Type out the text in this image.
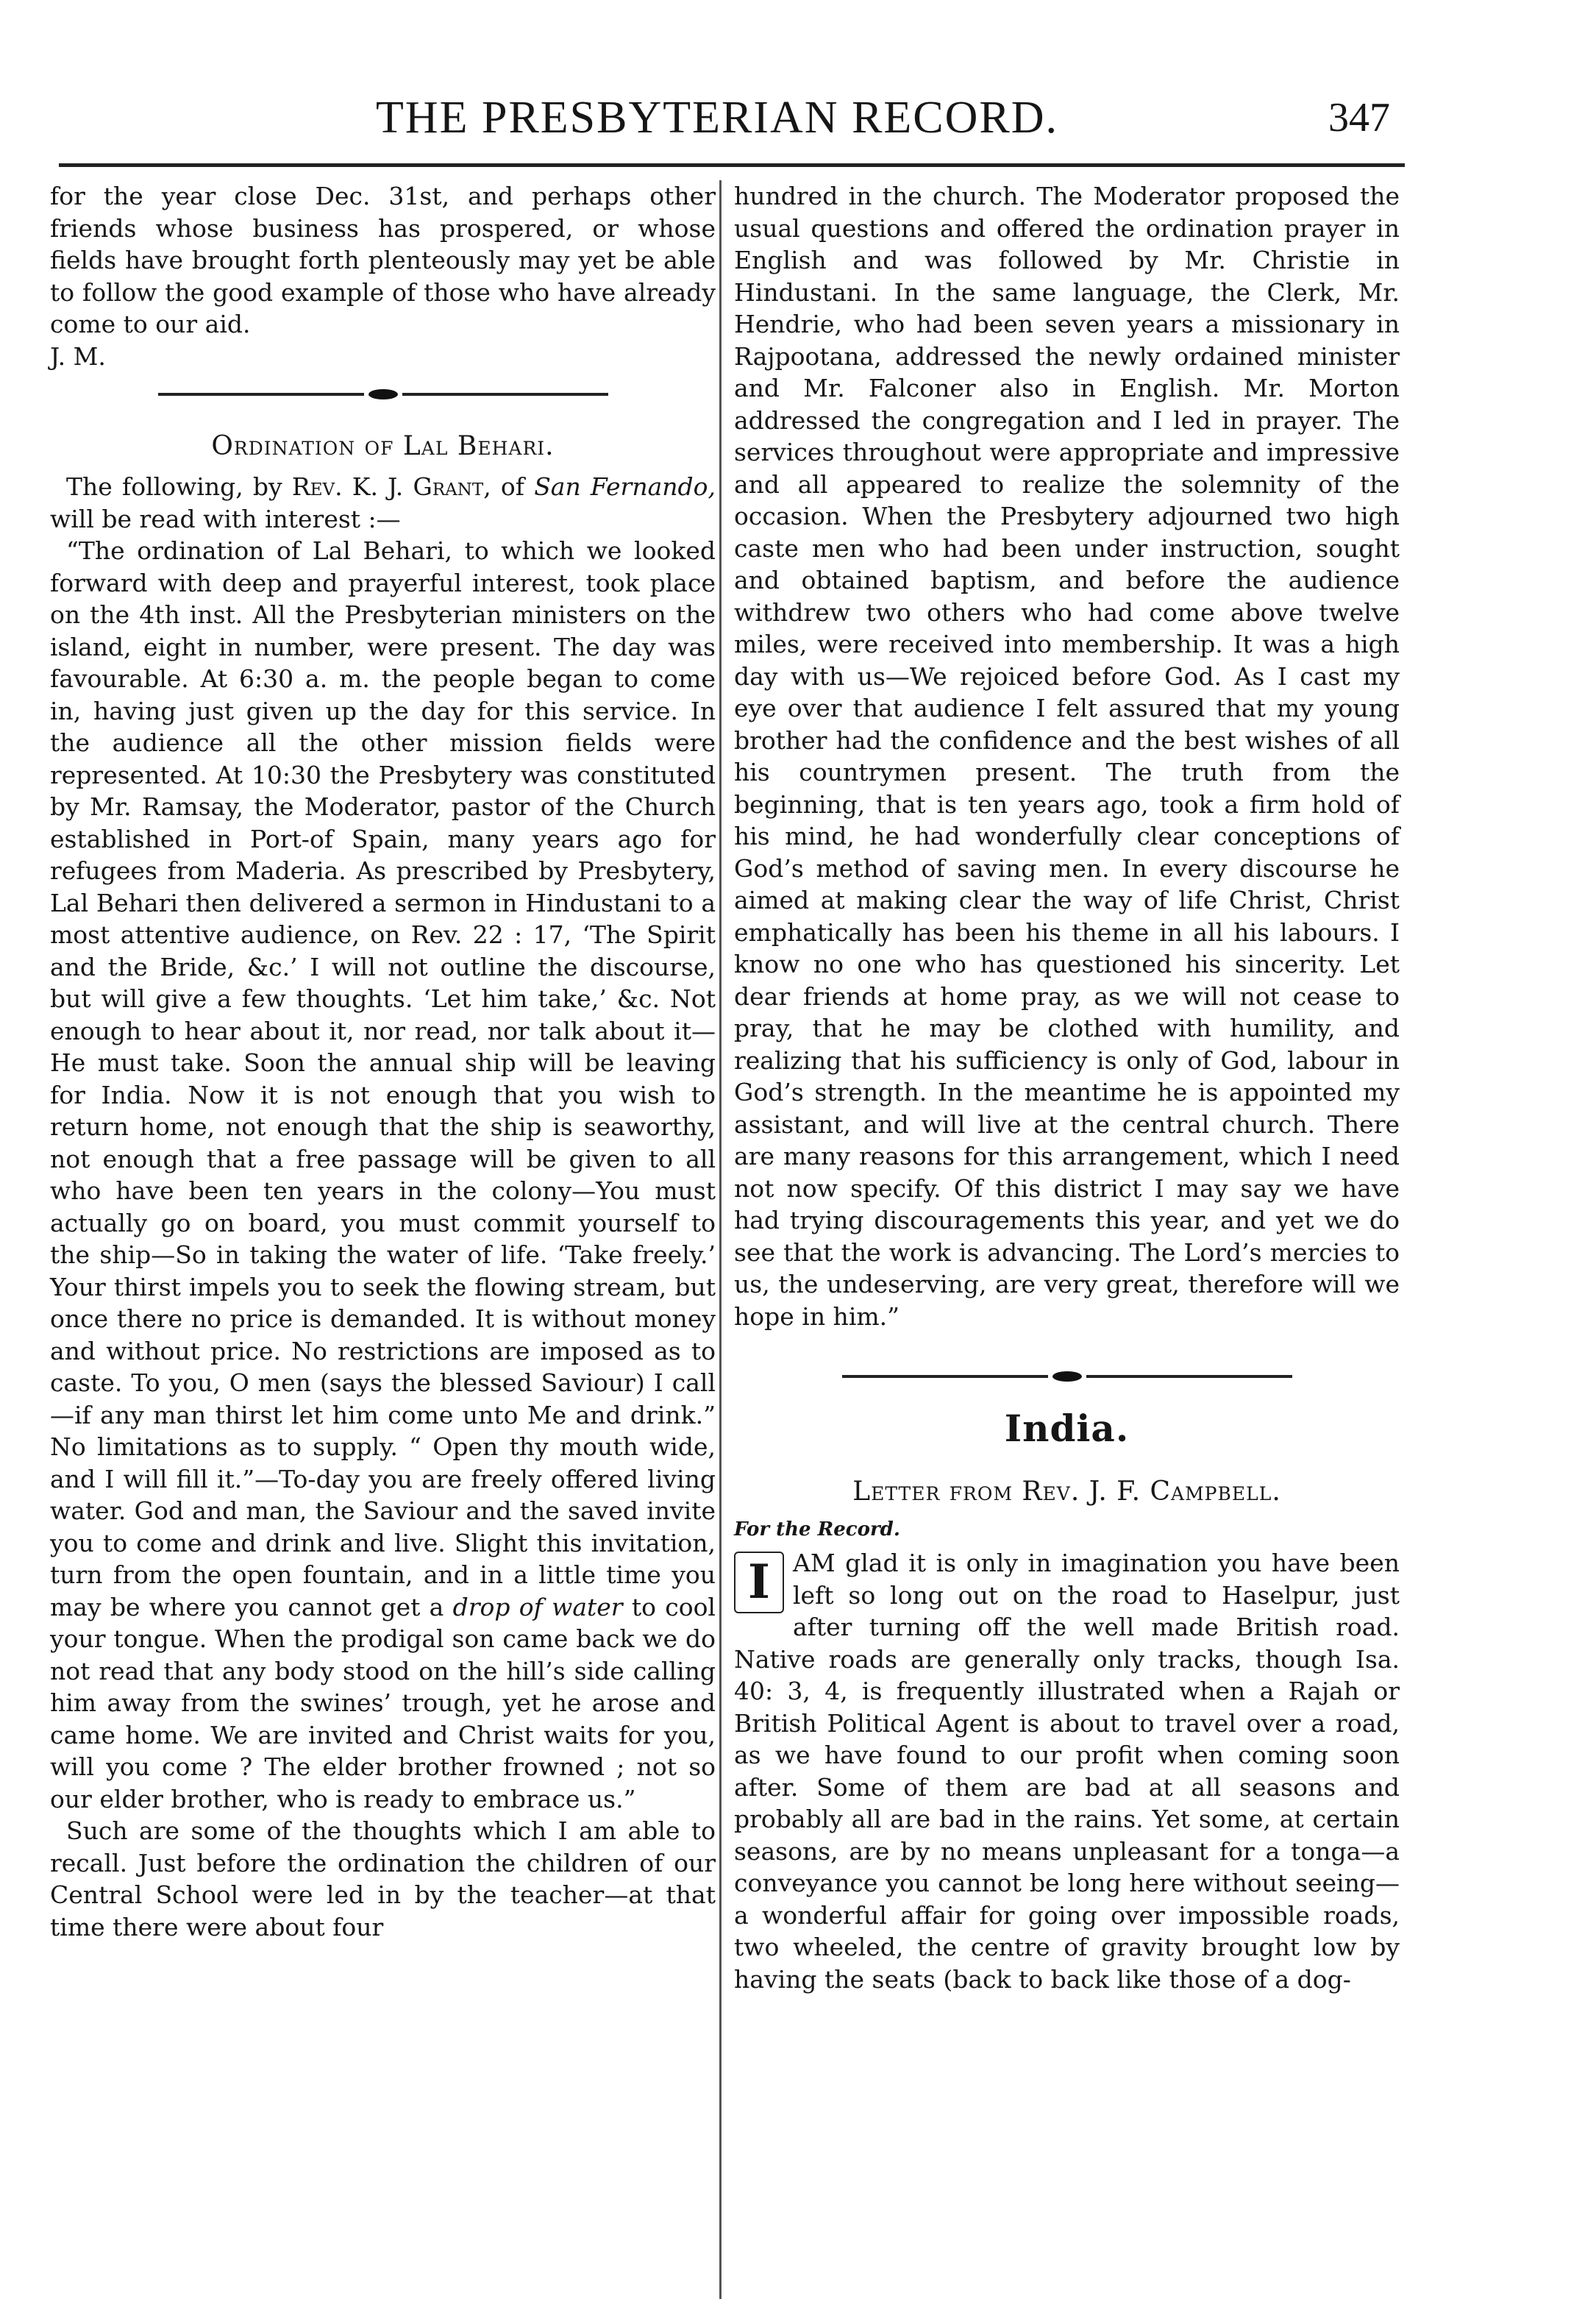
THE PRESBYTERIAN RECORD.	347

for the year close Dec. 31st, and perhaps other friends whose business has prospered, or whose fields have brought forth plenteously may yet be able to follow the good example of those who have already come to our aid.

J. M.

Ordination of Lal Behari.

The following, by Rev. K. J. Grant, of San Fernando, will be read with interest :—

“The ordination of Lal Behari, to which we looked forward with deep and prayerful interest, took place on the 4th inst. All the Presbyterian ministers on the island, eight in number, were present. The day was favourable. At 6:30 a. m. the people began to come in, having just given up the day for this service. In the audience all the other mission fields were represented. At 10:30 the Presbytery was constituted by Mr. Ramsay, the Moderator, pastor of the Church established in Port-of Spain, many years ago for refugees from Maderia. As prescribed by Presbytery, Lal Behari then delivered a sermon in Hindustani to a most attentive audience, on Rev. 22 : 17, ‘The Spirit and the Bride, &c.’ I will not outline the discourse, but will give a few thoughts. ‘Let him take,’ &c. Not enough to hear about it, nor read, nor talk about it—He must take. Soon the annual ship will be leaving for India. Now it is not enough that you wish to return home, not enough that the ship is seaworthy, not enough that a free passage will be given to all who have been ten years in the colony—You must actually go on board, you must commit yourself to the ship—So in taking the water of life. ‘Take freely.’ Your thirst impels you to seek the flowing stream, but once there no price is demanded. It is without money and without price. No restrictions are imposed as to caste. To you, O men (says the blessed Saviour) I call—if any man thirst let him come unto Me and drink.” No limitations as to supply. “ Open thy mouth wide, and I will fill it.”—To-day you are freely offered living water. God and man, the Saviour and the saved invite you to come and drink and live. Slight this invitation, turn from the open fountain, and in a little time you may be where you cannot get a drop of water to cool your tongue. When the prodigal son came back we do not read that any body stood on the hill’s side calling him away from the swines’ trough, yet he arose and came home. We are invited and Christ waits for you, will you come ? The elder brother frowned ; not so our elder brother, who is ready to embrace us.”

Such are some of the thoughts which I am able to recall. Just before the ordination the children of our Central School were led in by the teacher—at that time there were about four

hundred in the church. The Moderator proposed the usual questions and offered the ordination prayer in English and was followed by Mr. Christie in Hindustani. In the same language, the Clerk, Mr. Hendrie, who had been seven years a missionary in Rajpootana, addressed the newly ordained minister and Mr. Falconer also in English. Mr. Morton addressed the congregation and I led in prayer. The services throughout were appropriate and impressive and all appeared to realize the solemnity of the occasion. When the Presbytery adjourned two high caste men who had been under instruction, sought and obtained baptism, and before the audience withdrew two others who had come above twelve miles, were received into membership. It was a high day with us—We rejoiced before God. As I cast my eye over that audience I felt assured that my young brother had the confidence and the best wishes of all his countrymen present. The truth from the beginning, that is ten years ago, took a firm hold of his mind, he had wonderfully clear conceptions of God’s method of saving men. In every discourse he aimed at making clear the way of life Christ, Christ emphatically has been his theme in all his labours. I know no one who has questioned his sincerity. Let dear friends at home pray, as we will not cease to pray, that he may be clothed with humility, and realizing that his sufficiency is only of God, labour in God’s strength. In the meantime he is appointed my assistant, and will live at the central church. There are many reasons for this arrangement, which I need not now specify. Of this district I may say we have had trying discouragements this year, and yet we do see that the work is advancing. The Lord’s mercies to us, the undeserving, are very great, therefore will we hope in him.”

India.
Letter from Rev. J. F. Campbell.
For the Record.

I AM glad it is only in imagination you have been left so long out on the road to Haselpur, just after turning off the well made British road. Native roads are generally only tracks, though Isa. 40: 3, 4, is frequently illustrated when a Rajah or British Political Agent is about to travel over a road, as we have found to our profit when coming soon after. Some of them are bad at all seasons and probably all are bad in the rains. Yet some, at certain seasons, are by no means unpleasant for a tonga—a conveyance you cannot be long here without seeing—a wonderful affair for going over impossible roads, two wheeled, the centre of gravity brought low by having the seats (back to back like those of a dog-
